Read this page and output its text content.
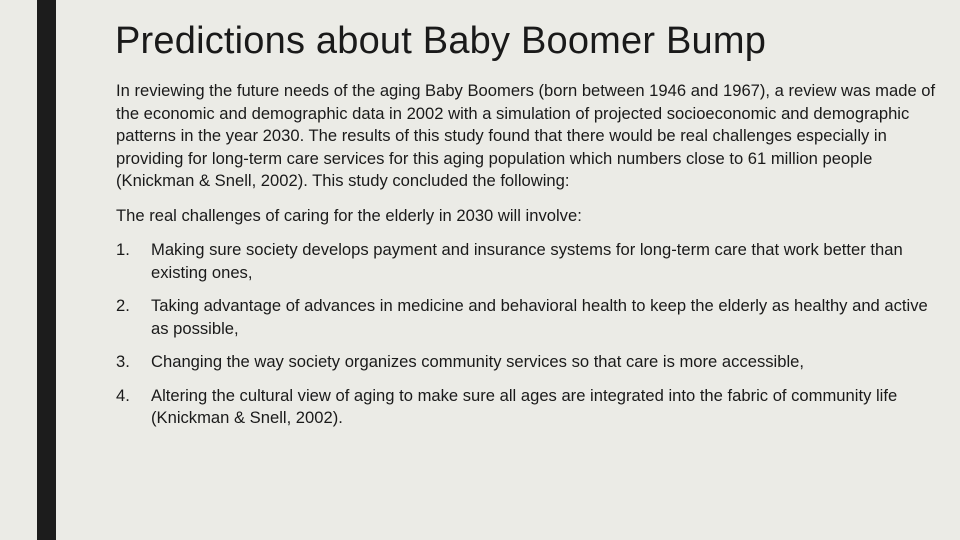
Predictions about Baby Boomer Bump

In reviewing the future needs of the aging Baby Boomers (born between 1946 and 1967), a review was made of the economic and demographic data in 2002 with a simulation of projected socioeconomic and demographic patterns in the year 2030. The results of this study found that there would be real challenges especially in providing for long-term care services for this aging population which numbers close to 61 million people (Knickman & Snell, 2002). This study concluded the following:

The real challenges of caring for the elderly in 2030 will involve:

1.	Making sure society develops payment and insurance systems for long-term care that work better than existing ones,
2.	Taking advantage of advances in medicine and behavioral health to keep the elderly as healthy and active as possible,
3.	Changing the way society organizes community services so that care is more accessible,
4.	Altering the cultural view of aging to make sure all ages are integrated into the fabric of community life (Knickman & Snell, 2002).
